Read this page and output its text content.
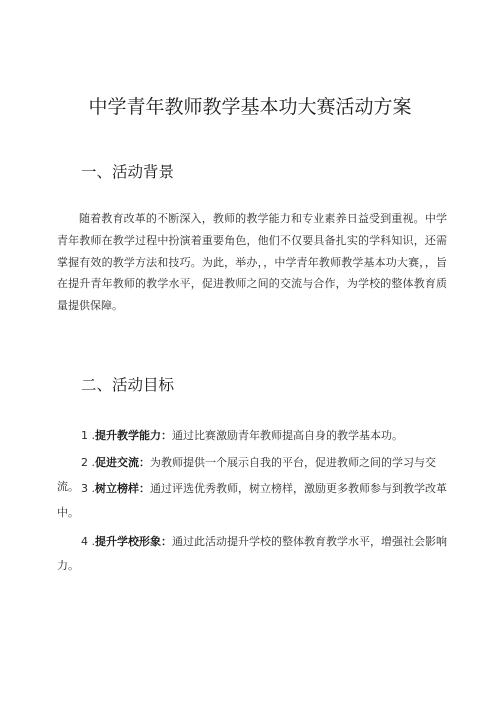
中学青年教师教学基本功大赛活动方案
一、活动背景

随着教育改革的不断深入，教师的教学能力和专业素养日益受到重视。中学青年教师在教学过程中扮演着重要角色，他们不仅要具备扎实的学科知识，还需掌握有效的教学方法和技巧。为此，举办，，中学青年教师教学基本功大赛，，旨在提升青年教师的教学水平，促进教师之间的交流与合作，为学校的整体教育质量提供保障。

二、活动目标

1 .提升教学能力：通过比赛激励青年教师提高自身的教学基本功。

2 .促进交流：为教师提供一个展示自我的平台，促进教师之间的学习与交流。 3 .树立榜样：通过评选优秀教师，树立榜样，激励更多教师参与到教学改革中。

4 .提升学校形象：通过此活动提升学校的整体教育教学水平，增强社会影响力。
